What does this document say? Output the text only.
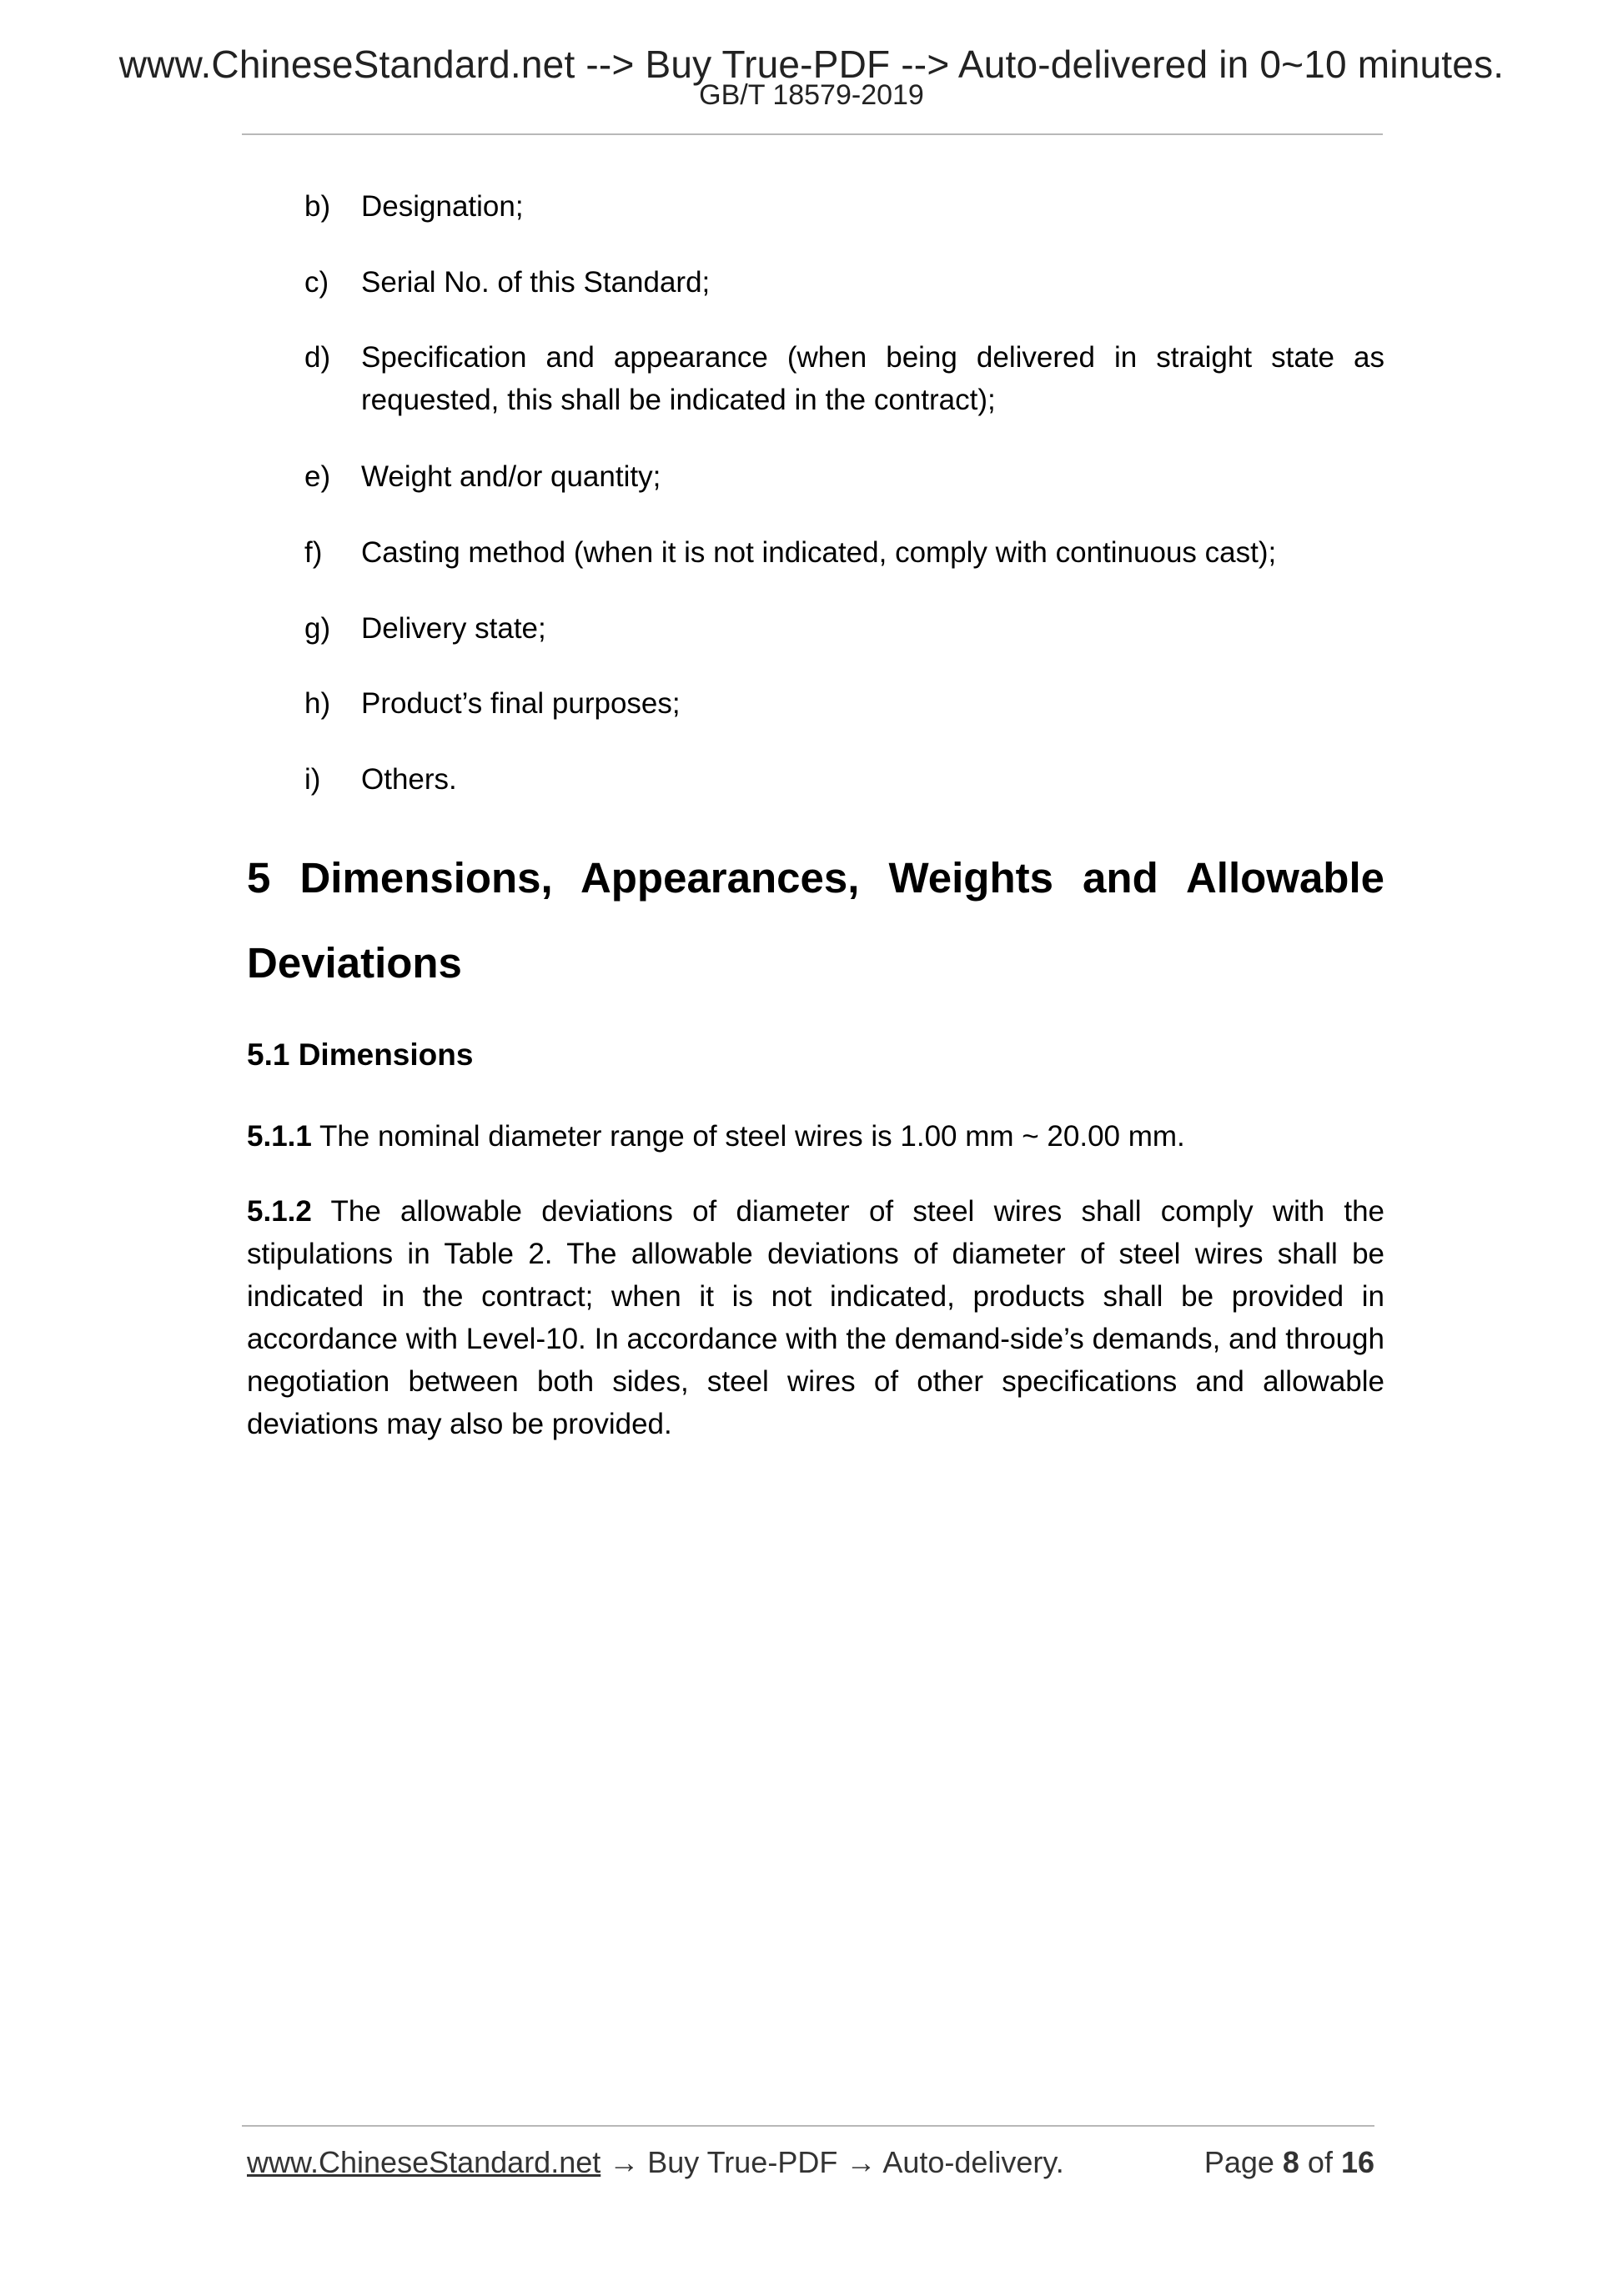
www.ChineseStandard.net --> Buy True-PDF --> Auto-delivered in 0~10 minutes.
GB/T 18579-2019
b) Designation;
c) Serial No. of this Standard;
d) Specification and appearance (when being delivered in straight state as requested, this shall be indicated in the contract);
e) Weight and/or quantity;
f) Casting method (when it is not indicated, comply with continuous cast);
g) Delivery state;
h) Product’s final purposes;
i) Others.
5 Dimensions, Appearances, Weights and Allowable
Deviations
5.1 Dimensions
5.1.1 The nominal diameter range of steel wires is 1.00 mm ~ 20.00 mm.
5.1.2 The allowable deviations of diameter of steel wires shall comply with the stipulations in Table 2. The allowable deviations of diameter of steel wires shall be indicated in the contract; when it is not indicated, products shall be provided in accordance with Level-10. In accordance with the demand-side’s demands, and through negotiation between both sides, steel wires of other specifications and allowable deviations may also be provided.
www.ChineseStandard.net → Buy True-PDF → Auto-delivery.	Page 8 of 16
